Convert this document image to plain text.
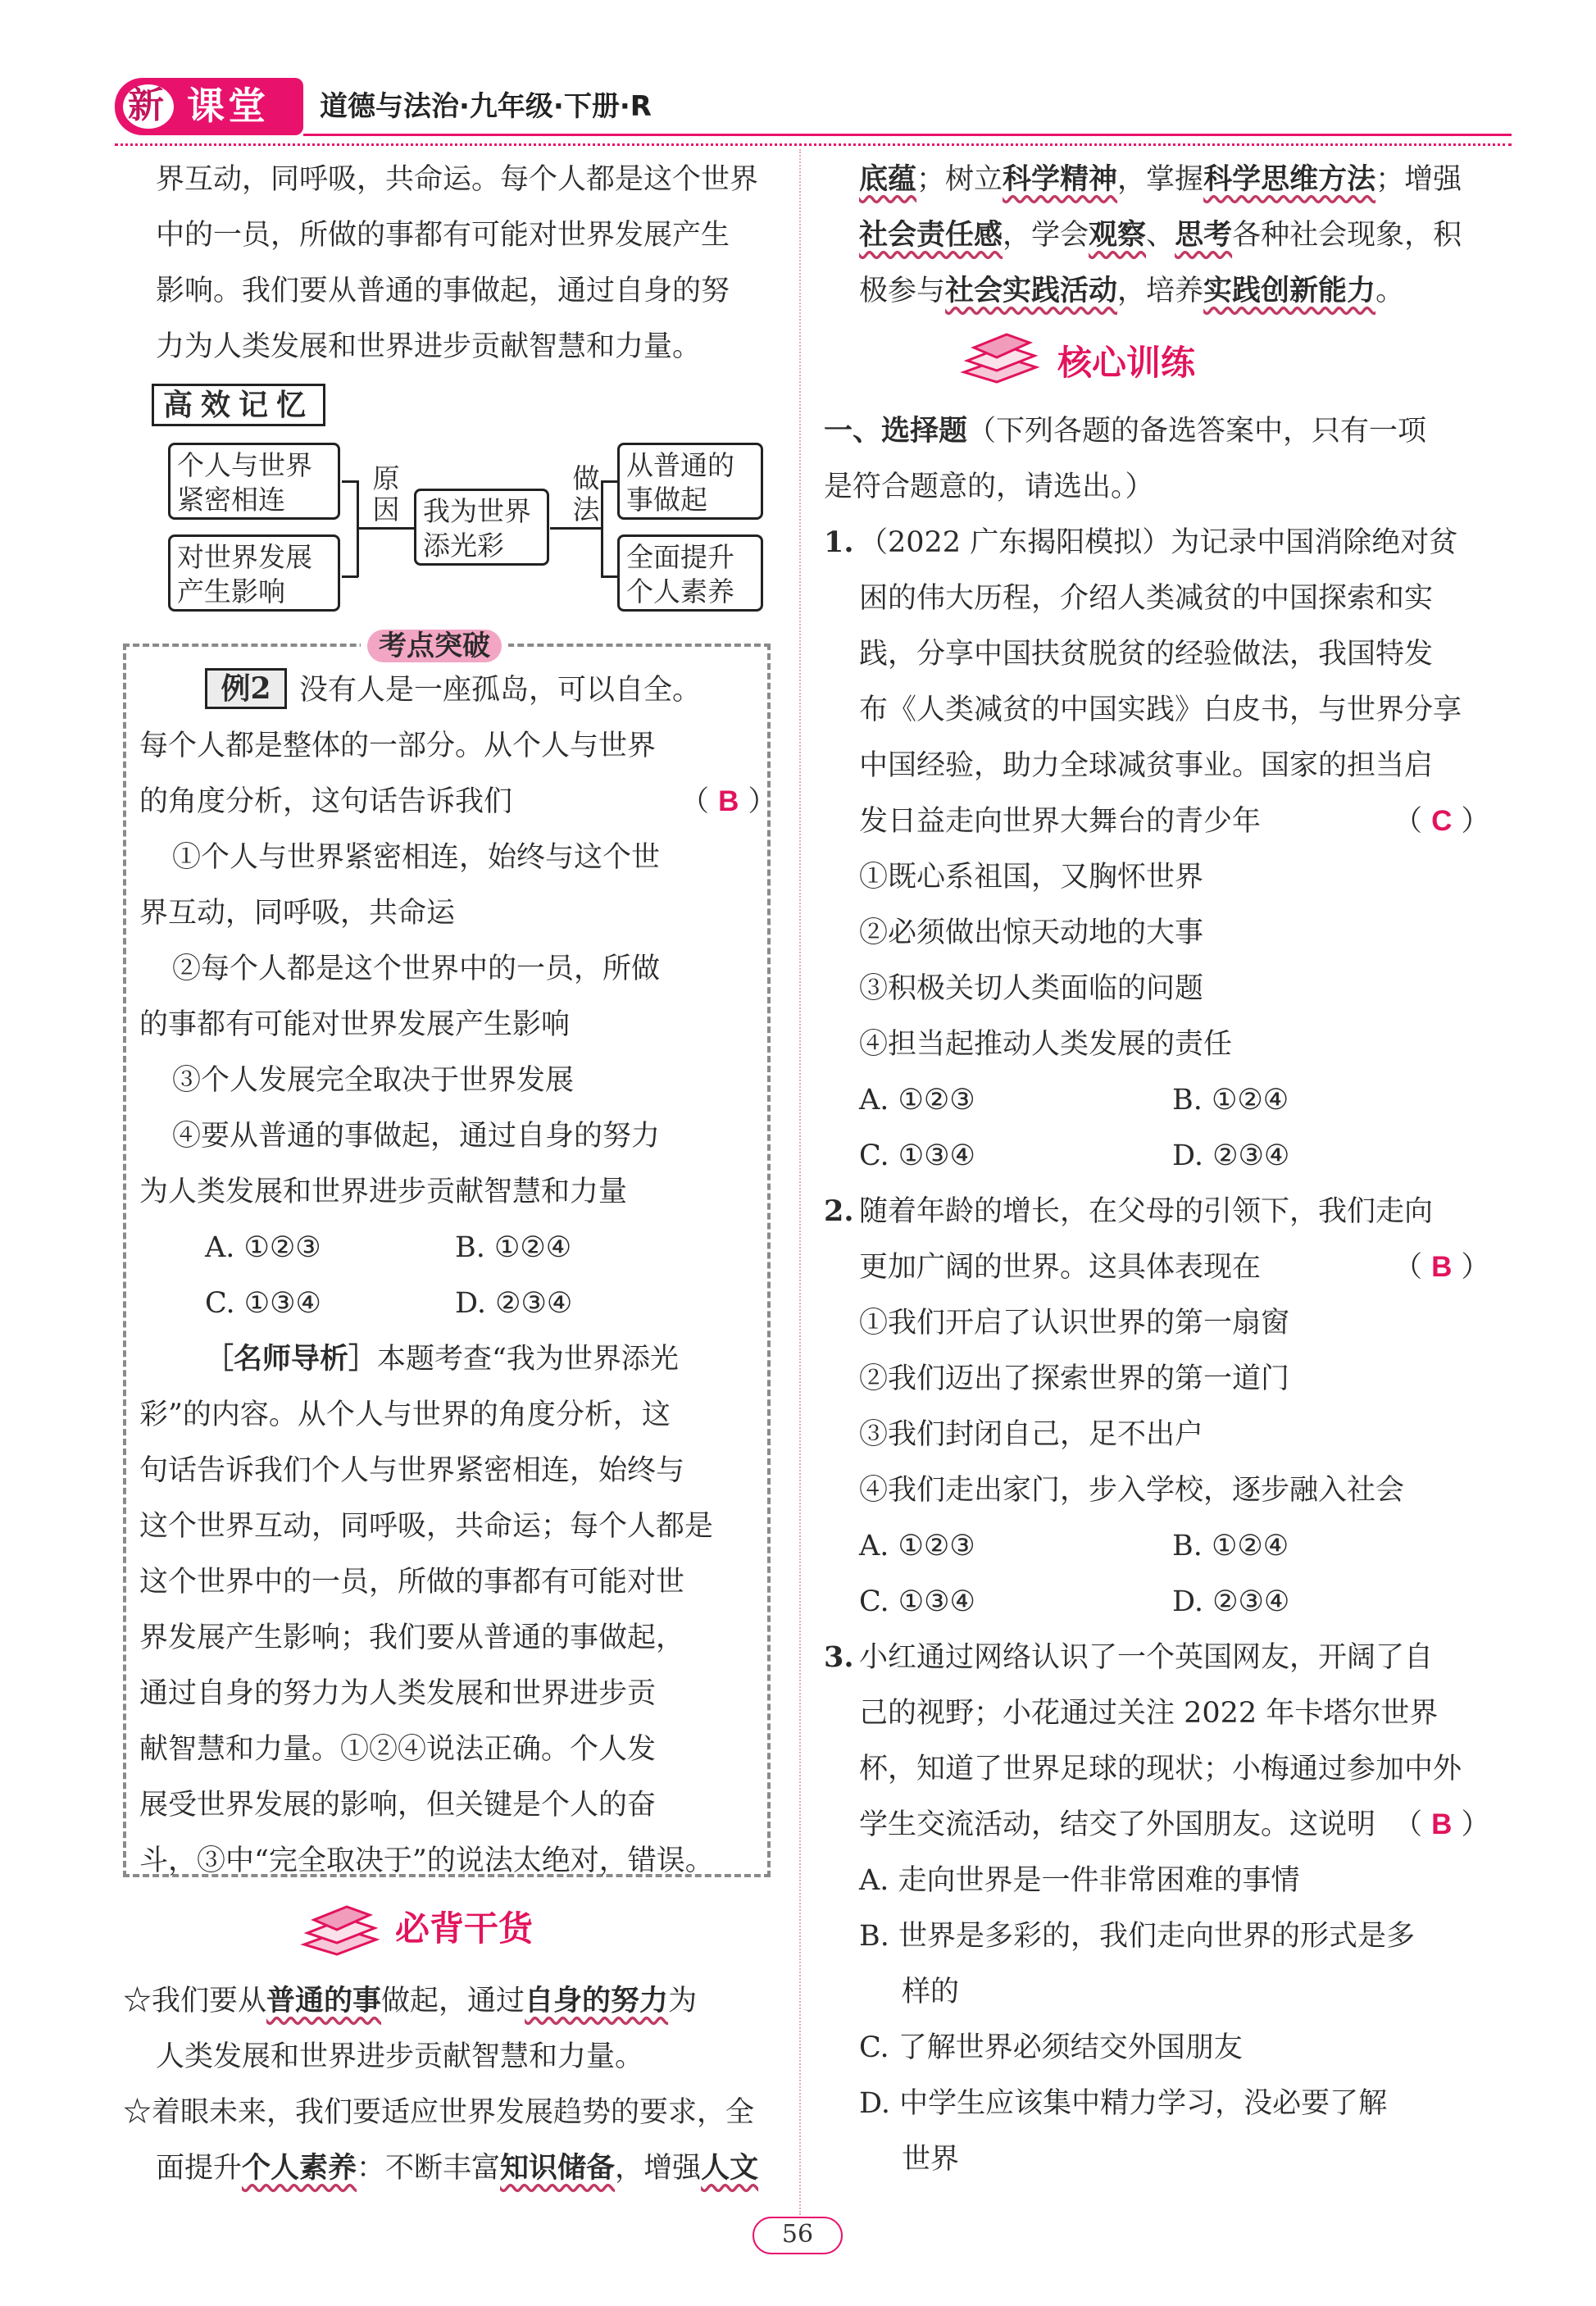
新 课堂 道德与法治·九年级·下册·R
界互动，同呼吸，共命运。每个人都是这个世界
中的一员，所做的事都有可能对世界发展产生
影响。我们要从普通的事做起，通过自身的努
力为人类发展和世界进步贡献智慧和力量。
高效记忆
个人与世界紧密相连
对世界发展产生影响
我为世界添光彩
从普通的事做起
全面提升个人素养
原因
做法
考点突破
例2 没有人是一座孤岛，可以自全。
每个人都是整体的一部分。从个人与世界
的角度分析，这句话告诉我们	（ B ）
①个人与世界紧密相连，始终与这个世
界互动，同呼吸，共命运
②每个人都是这个世界中的一员，所做
的事都有可能对世界发展产生影响
③个人发展完全取决于世界发展
④要从普通的事做起，通过自身的努力
为人类发展和世界进步贡献智慧和力量
A. ①②③	B. ①②④
C. ①③④	D. ②③④
［名师导析］ 本题考查“我为世界添光
彩”的内容。从个人与世界的角度分析，这
句话告诉我们个人与世界紧密相连，始终与
这个世界互动，同呼吸，共命运；每个人都是
这个世界中的一员，所做的事都有可能对世
界发展产生影响；我们要从普通的事做起，
通过自身的努力为人类发展和世界进步贡
献智慧和力量。①②④说法正确。个人发
展受世界发展的影响，但关键是个人的奋
斗，③中“完全取决于”的说法太绝对，错误。
必背干货
☆我们要从普通的事做起，通过自身的努力为
人类发展和世界进步贡献智慧和力量。
☆着眼未来，我们要适应世界发展趋势的要求，全
面提升个人素养：不断丰富知识储备，增强人文
底蕴；树立科学精神，掌握科学思维方法；增强
社会责任感，学会观察、思考各种社会现象，积
极参与社会实践活动，培养实践创新能力。
核心训练
一、选择题（下列各题的备选答案中，只有一项
是符合题意的，请选出。）
1. （2022 广东揭阳模拟）为记录中国消除绝对贫
困的伟大历程，介绍人类减贫的中国探索和实
践，分享中国扶贫脱贫的经验做法，我国特发
布《人类减贫的中国实践》白皮书，与世界分享
中国经验，助力全球减贫事业。国家的担当启
发日益走向世界大舞台的青少年	（ C ）
①既心系祖国，又胸怀世界
②必须做出惊天动地的大事
③积极关切人类面临的问题
④担当起推动人类发展的责任
A. ①②③	B. ①②④
C. ①③④	D. ②③④
2. 随着年龄的增长，在父母的引领下，我们走向
更加广阔的世界。这具体表现在	（ B ）
①我们开启了认识世界的第一扇窗
②我们迈出了探索世界的第一道门
③我们封闭自己，足不出户
④我们走出家门，步入学校，逐步融入社会
A. ①②③	B. ①②④
C. ①③④	D. ②③④
3. 小红通过网络认识了一个英国网友，开阔了自
己的视野；小花通过关注 2022 年卡塔尔世界
杯，知道了世界足球的现状；小梅通过参加中外
学生交流活动，结交了外国朋友。这说明 （ B ）
A. 走向世界是一件非常困难的事情
B. 世界是多彩的，我们走向世界的形式是多
样的
C. 了解世界必须结交外国朋友
D. 中学生应该集中精力学习，没必要了解
世界
56
